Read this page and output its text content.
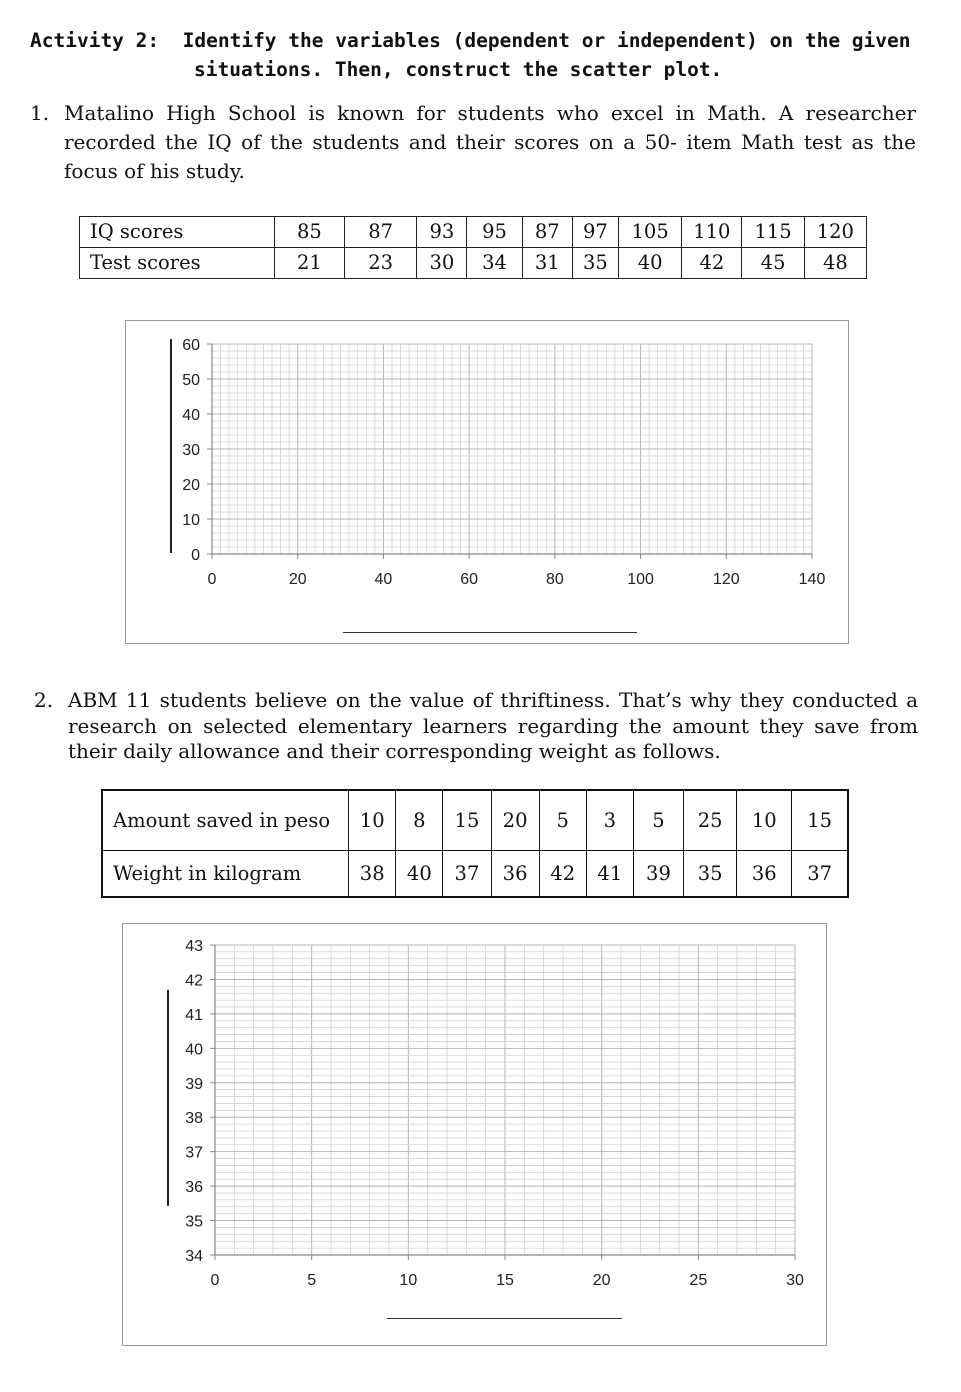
Activity 2: Identify the variables (dependent or independent) on the given
situations. Then, construct the scatter plot.
1. Matalino High School is known for students who excel in Math. A researcher recorded the IQ of the students and their scores on a 50- item Math test as the focus of his study.
IQ scores	85	87	93	95	87	97	105	110	115	120
Test scores	21	23	30	34	31	35	40	42	45	48
0	20	40	60	80	100	120	140
0
10
20
30
40
50
60
2. ABM 11 students believe on the value of thriftiness. That’s why they conducted a research on selected elementary learners regarding the amount they save from their daily allowance and their corresponding weight as follows.
Amount saved in peso	10	8	15	20	5	3	5	25	10	15
Weight in kilogram	38	40	37	36	42	41	39	35	36	37
0	5	10	15	20	25	30
34
35
36
37
38
39
40
41
42
43
